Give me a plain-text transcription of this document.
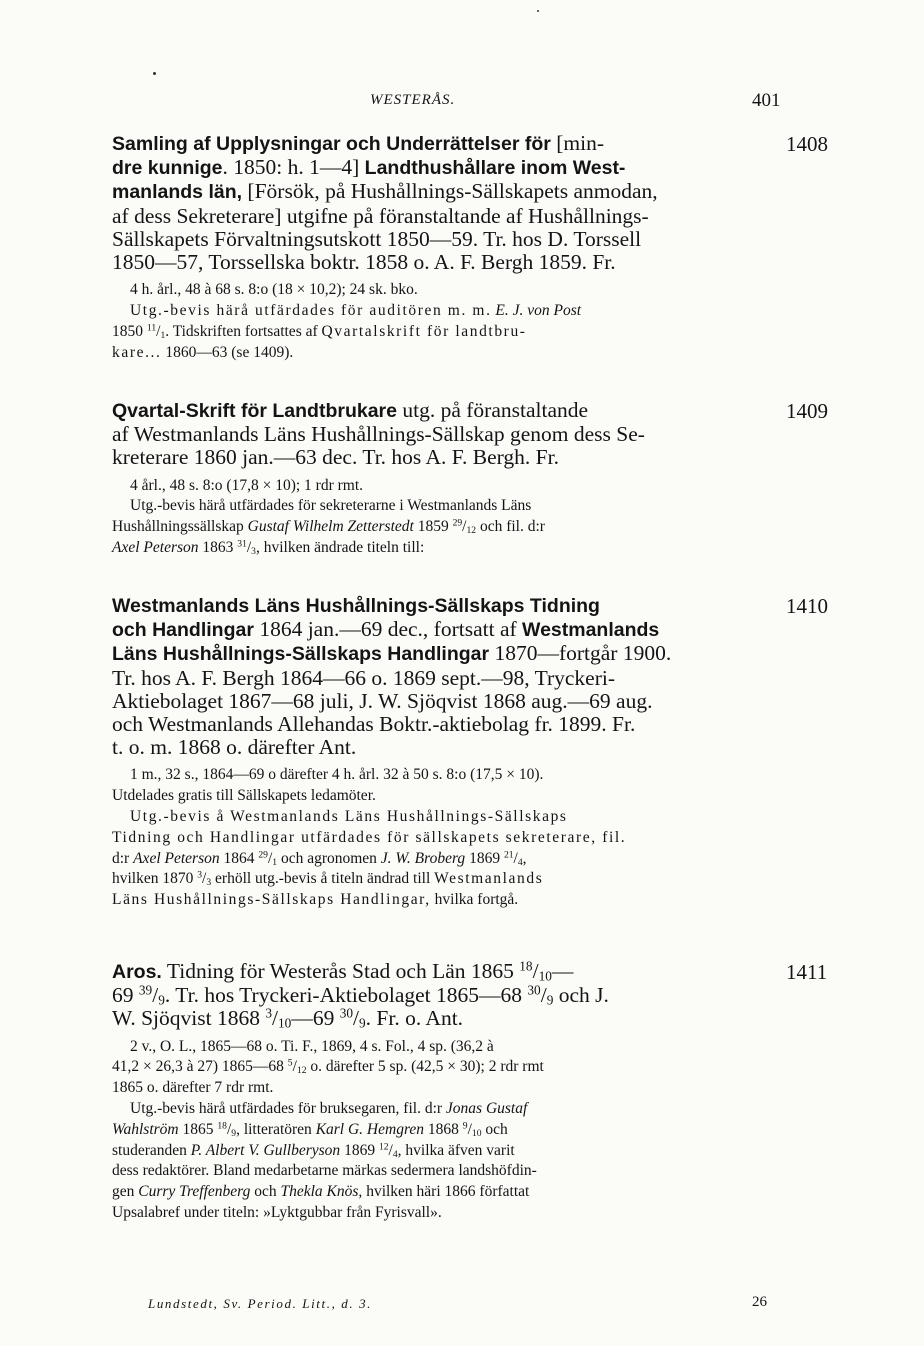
WESTERÅS.	401
1408
Samling af Upplysningar och Underrättelser för [min-
dre kunnige. 1850: h. 1—4] Landthushållare inom West-
manlands län, [Försök, på Hushållnings-Sällskapets anmodan,
af dess Sekreterare] utgifne på föranstaltande af Hushållnings-
Sällskapets Förvaltningsutskott 1850—59. Tr. hos D. Torssell
1850—57, Torssellska boktr. 1858 o. A. F. Bergh 1859. Fr.
4 h. årl., 48 à 68 s. 8:o (18 × 10,2); 24 sk. bko.
Utg.-bevis härå utfärdades för auditören m. m. E. J. von Post
1850 $^{11}/_1$. Tidskriften fortsattes af Qvartalskrift för landtbru-
kare... 1860—63 (se 1409).
1409
Qvartal-Skrift för Landtbrukare utg. på föranstaltande
af Westmanlands Läns Hushållnings-Sällskap genom dess Se-
kreterare 1860 jan.—63 dec. Tr. hos A. F. Bergh. Fr.
4 årl., 48 s. 8:o (17,8 × 10); 1 rdr rmt.
Utg.-bevis härå utfärdades för sekreterarne i Westmanlands Läns
Hushållningssällskap Gustaf Wilhelm Zetterstedt 1859 $^{29}/_{12}$ och fil. d:r
Axel Peterson 1863 $^{31}/_3$, hvilken ändrade titeln till:
1410
Westmanlands Läns Hushållnings-Sällskaps Tidning
och Handlingar 1864 jan.—69 dec., fortsatt af Westmanlands
Läns Hushållnings-Sällskaps Handlingar 1870—fortgår 1900.
Tr. hos A. F. Bergh 1864—66 o. 1869 sept.—98, Tryckeri-
Aktiebolaget 1867—68 juli, J. W. Sjöqvist 1868 aug.—69 aug.
och Westmanlands Allehandas Boktr.-aktiebolag fr. 1899. Fr.
t. o. m. 1868 o. därefter Ant.
1 m., 32 s., 1864—69 o därefter 4 h. årl. 32 à 50 s. 8:o (17,5 × 10).
Utdelades gratis till Sällskapets ledamöter.
Utg.-bevis å Westmanlands Läns Hushållnings-Sällskaps
Tidning och Handlingar utfärdades för sällskapets sekreterare, fil.
d:r Axel Peterson 1864 $^{29}/_1$ och agronomen J. W. Broberg 1869 $^{21}/_4$,
hvilken 1870 $^3/_3$ erhöll utg.-bevis å titeln ändrad till Westmanlands
Läns Hushållnings-Sällskaps Handlingar, hvilka fortgå.
1411
Aros. Tidning för Westerås Stad och Län 1865 $^{18}/_{10}—$
69 $^{39}/_9$. Tr. hos Tryckeri-Aktiebolaget 1865—68 $^{30}/_9$ och J.
W. Sjöqvist 1868 $^3/_{10}—69$ $^{30}/_9$. Fr. o. Ant.
2 v., O. L., 1865—68 o. Ti. F., 1869, 4 s. Fol., 4 sp. (36,2 à
41,2 × 26,3 à 27) 1865—68 $^5/_{12}$ o. därefter 5 sp. (42,5 × 30); 2 rdr rmt
1865 o. därefter 7 rdr rmt.
Utg.-bevis härå utfärdades för bruksegaren, fil. d:r Jonas Gustaf
Wahlström 1865 $^{18}/_9$, litteratören Karl G. Hemgren 1868 $^9/_{10}$ och
studeranden P. Albert V. Gullberyson 1869 $^{12}/_4$, hvilka äfven varit
dess redaktörer. Bland medarbetarne märkas sedermera landshöfdin-
gen Curry Treffenberg och Thekla Knös, hvilken häri 1866 författat
Upsalabref under titeln: »Lyktgubbar från Fyrisvall».
Lundstedt, Sv. Period. Litt., d. 3.	26
